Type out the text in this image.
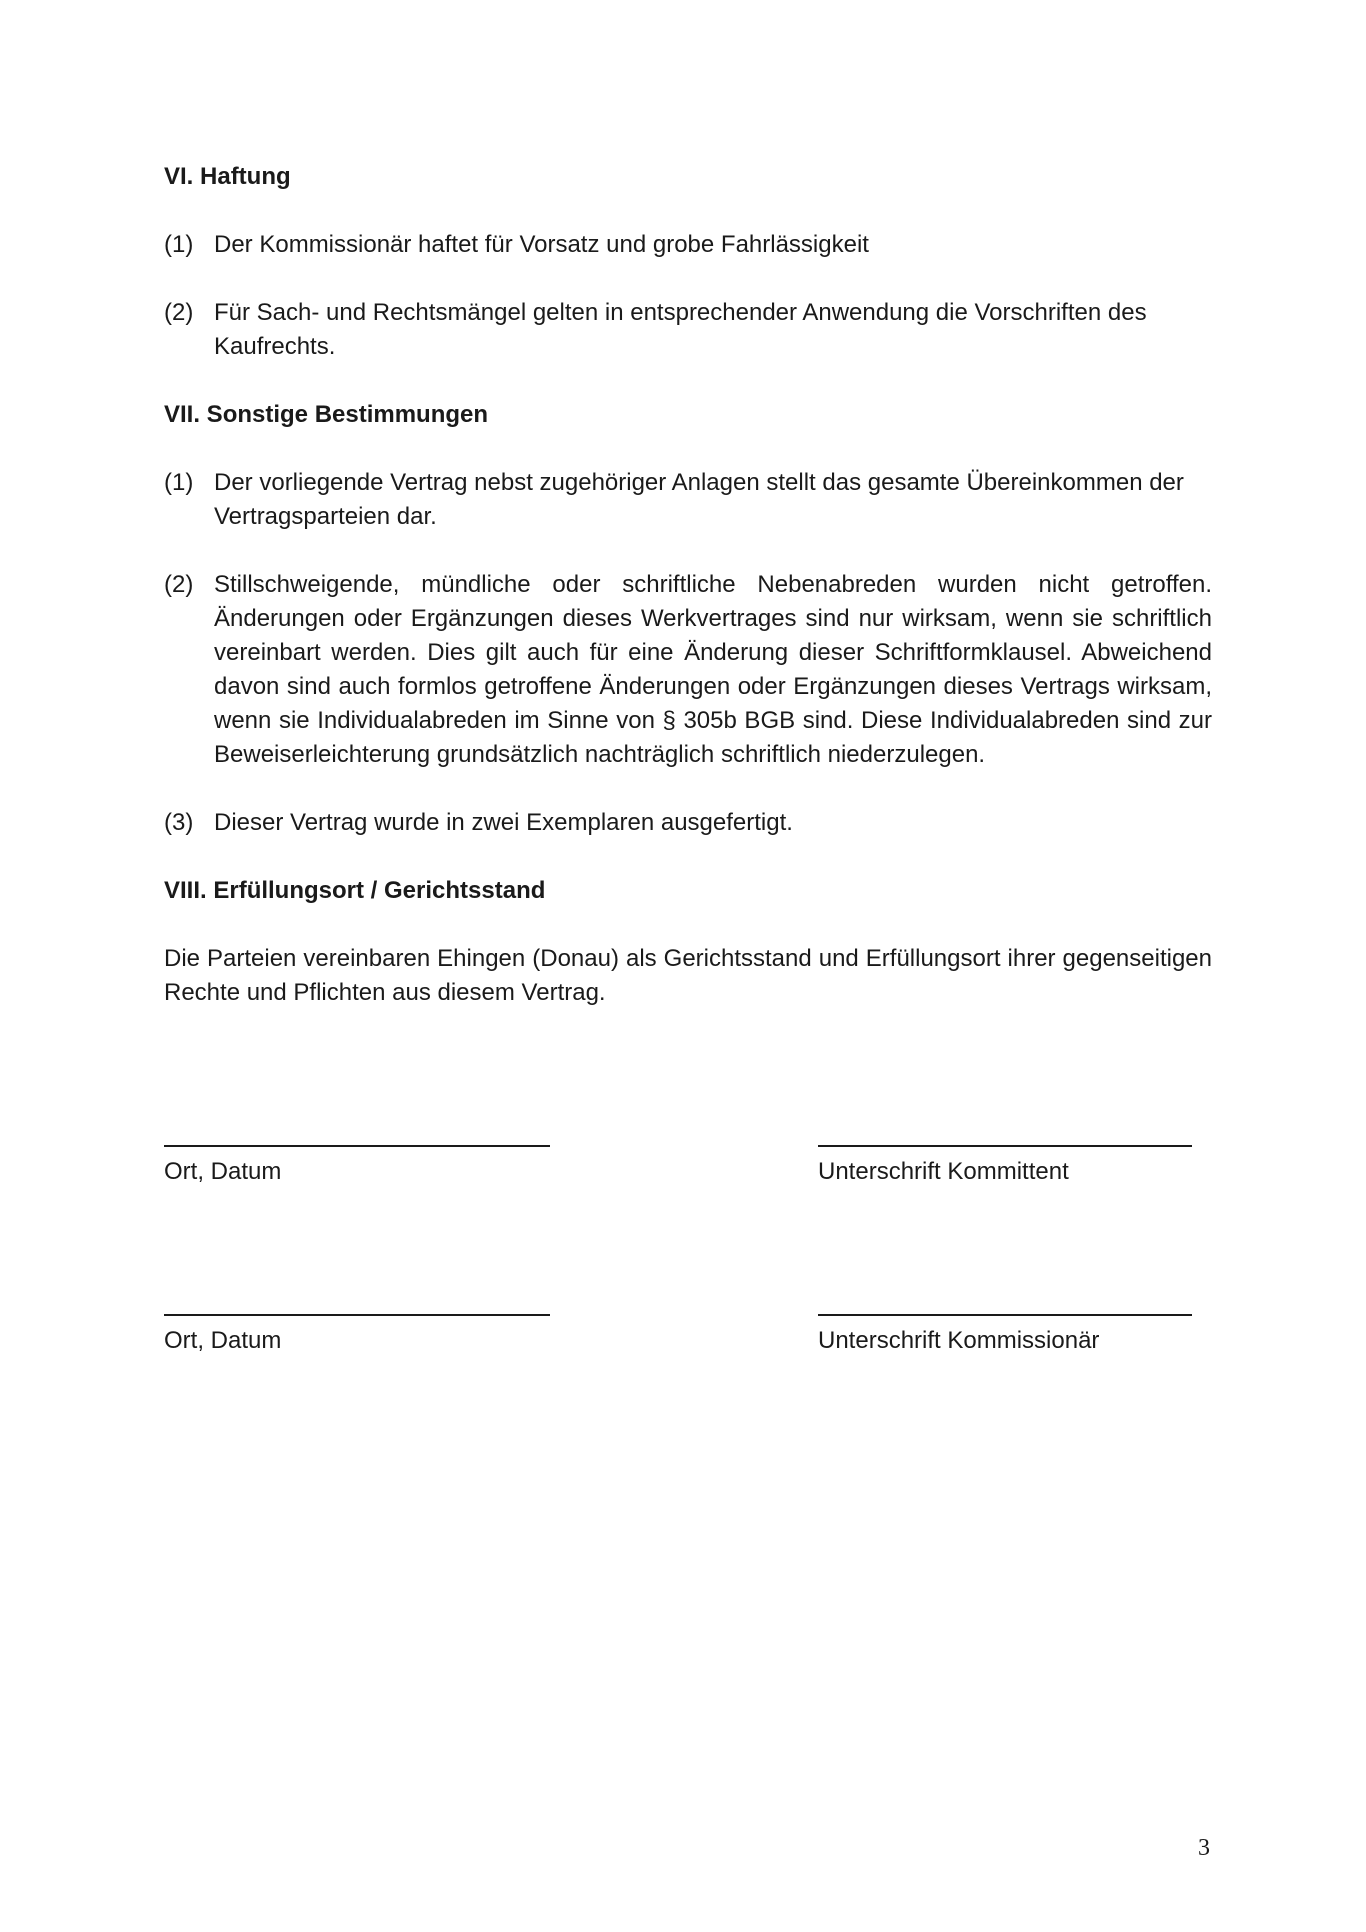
VI. Haftung
(1) Der Kommissionär haftet für Vorsatz und grobe Fahrlässigkeit
(2) Für Sach- und Rechtsmängel gelten in entsprechender Anwendung die Vorschriften des Kaufrechts.
VII. Sonstige Bestimmungen
(1) Der vorliegende Vertrag nebst zugehöriger Anlagen stellt das gesamte Übereinkommen der Vertragsparteien dar.
(2) Stillschweigende, mündliche oder schriftliche Nebenabreden wurden nicht getroffen. Änderungen oder Ergänzungen dieses Werkvertrages sind nur wirksam, wenn sie schriftlich vereinbart werden. Dies gilt auch für eine Änderung dieser Schriftformklausel. Abweichend davon sind auch formlos getroffene Änderungen oder Ergänzungen dieses Vertrags wirksam, wenn sie Individualabreden im Sinne von § 305b BGB sind. Diese Individualabreden sind zur Beweiserleichterung grundsätzlich nachträglich schriftlich niederzulegen.
(3) Dieser Vertrag wurde in zwei Exemplaren ausgefertigt.
VIII. Erfüllungsort / Gerichtsstand
Die Parteien vereinbaren Ehingen (Donau) als Gerichtsstand und Erfüllungsort ihrer gegenseitigen Rechte und Pflichten aus diesem Vertrag.
Ort, Datum	Unterschrift Kommittent
Ort, Datum	Unterschrift Kommissionär
3
